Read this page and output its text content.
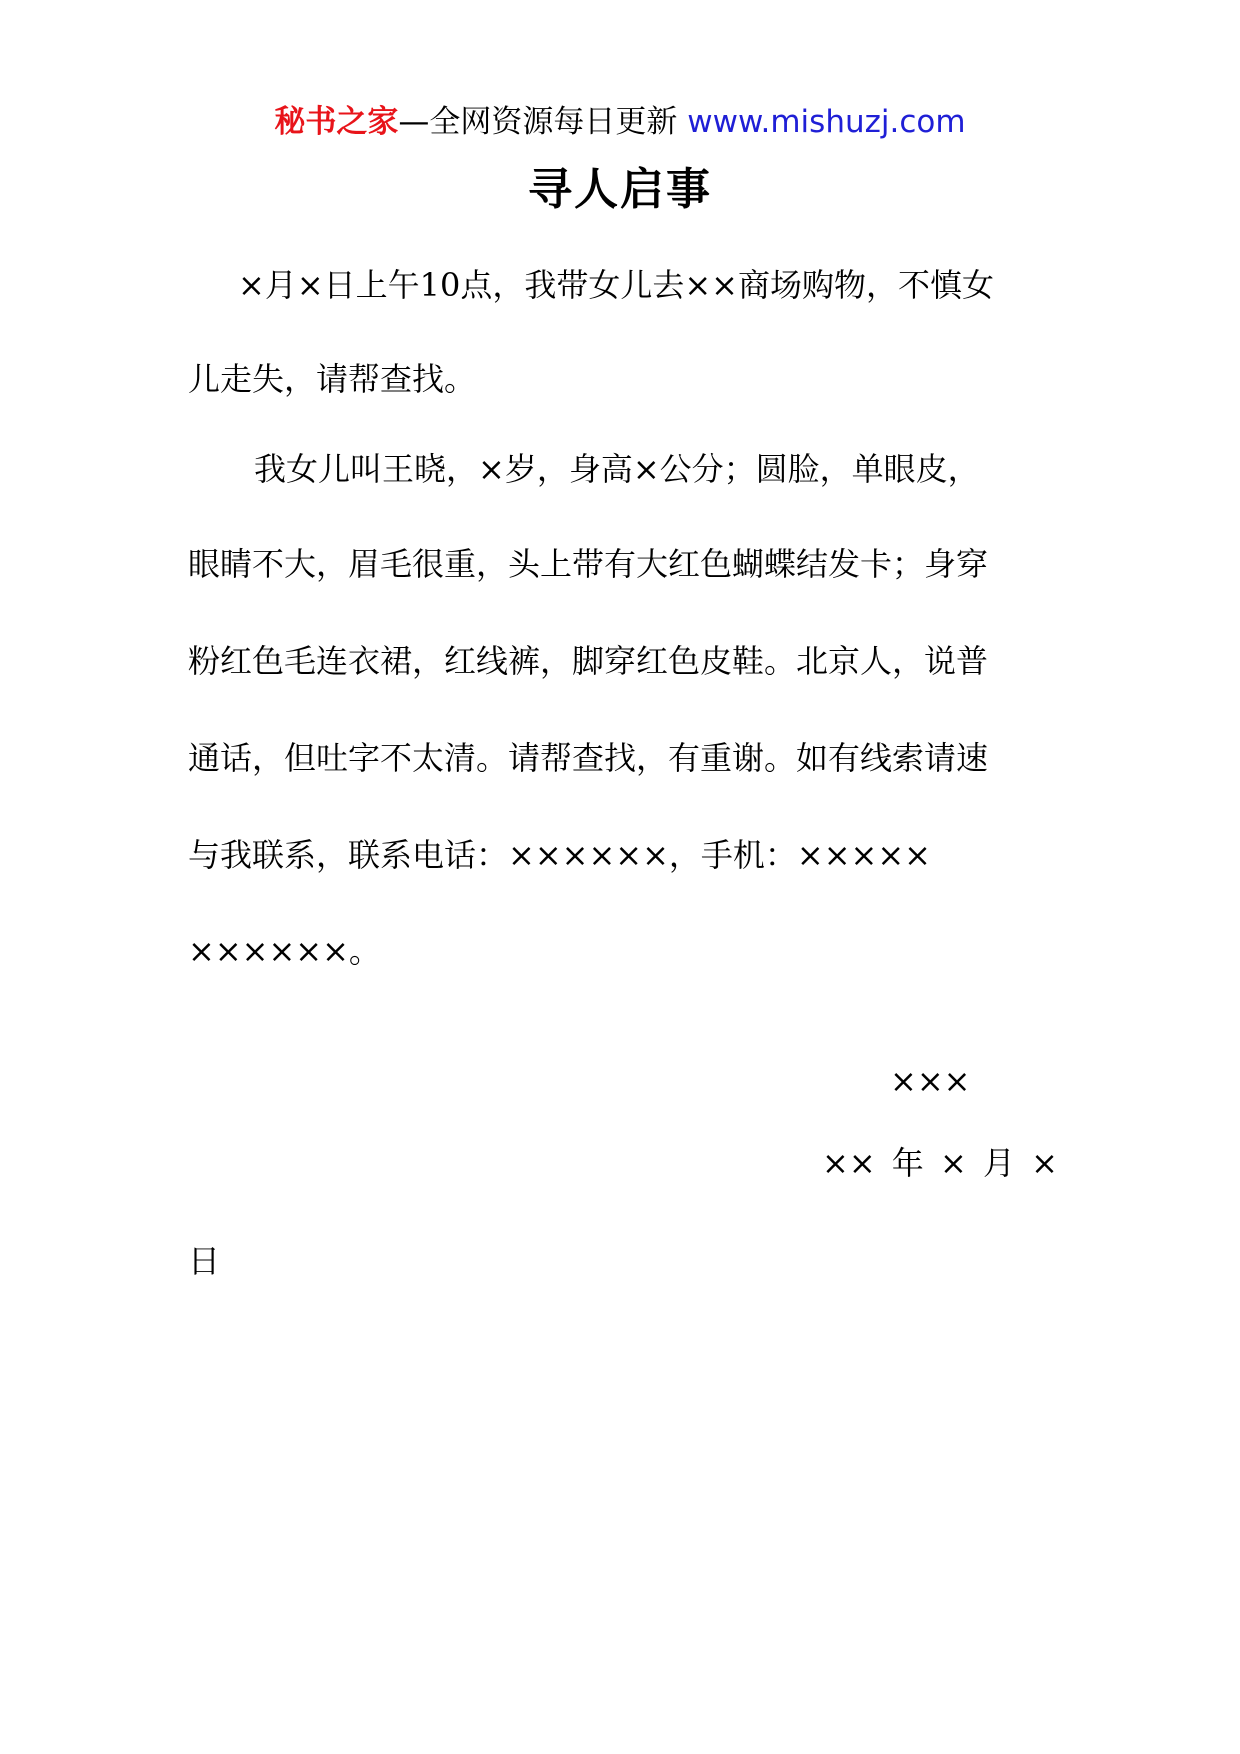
秘书之家—全网资源每日更新 www.mishuzj.com
寻人启事
×月×日上午10点，我带女儿去××商场购物，不慎女
儿走失，请帮查找。
我女儿叫王晓，×岁，身高×公分；圆脸，单眼皮，
眼睛不大，眉毛很重，头上带有大红色蝴蝶结发卡；身穿
粉红色毛连衣裙，红线裤，脚穿红色皮鞋。北京人，说普
通话，但吐字不太清。请帮查找，有重谢。如有线索请速
与我联系，联系电话：××××××，手机：×××××
××××××。
×××
×× 年 × 月 ×
日
